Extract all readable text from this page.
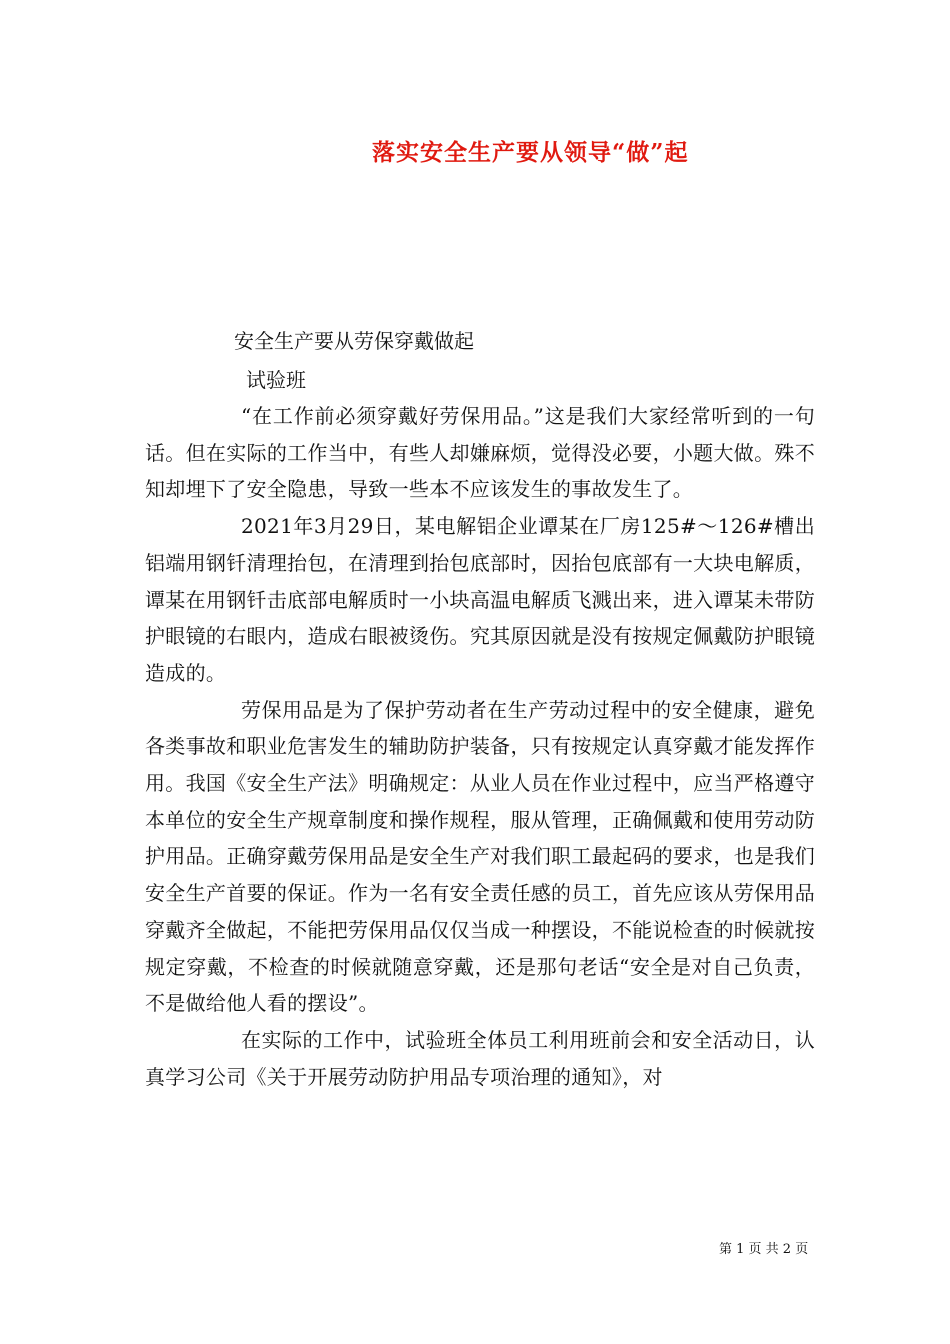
落实安全生产要从领导“做”起
安全生产要从劳保穿戴做起
试验班

“在工作前必须穿戴好劳保用品。”这是我们大家经常听到的一句话。但在实际的工作当中，有些人却嫌麻烦，觉得没必要，小题大做。殊不知却埋下了安全隐患，导致一些本不应该发生的事故发生了。

2021年3月29日，某电解铝企业谭某在厂房125#～126#槽出铝端用钢钎清理抬包，在清理到抬包底部时，因抬包底部有一大块电解质，谭某在用钢钎击底部电解质时一小块高温电解质飞溅出来，进入谭某未带防护眼镜的右眼内，造成右眼被烫伤。究其原因就是没有按规定佩戴防护眼镜造成的。

劳保用品是为了保护劳动者在生产劳动过程中的安全健康，避免各类事故和职业危害发生的辅助防护装备，只有按规定认真穿戴才能发挥作用。我国《安全生产法》明确规定：从业人员在作业过程中，应当严格遵守本单位的安全生产规章制度和操作规程，服从管理，正确佩戴和使用劳动防护用品。正确穿戴劳保用品是安全生产对我们职工最起码的要求，也是我们安全生产首要的保证。作为一名有安全责任感的员工，首先应该从劳保用品穿戴齐全做起，不能把劳保用品仅仅当成一种摆设，不能说检查的时候就按规定穿戴，不检查的时候就随意穿戴，还是那句老话“安全是对自己负责，不是做给他人看的摆设”。

在实际的工作中，试验班全体员工利用班前会和安全活动日，认真学习公司《关于开展劳动防护用品专项治理的通知》，对

第 1 页 共 2 页
